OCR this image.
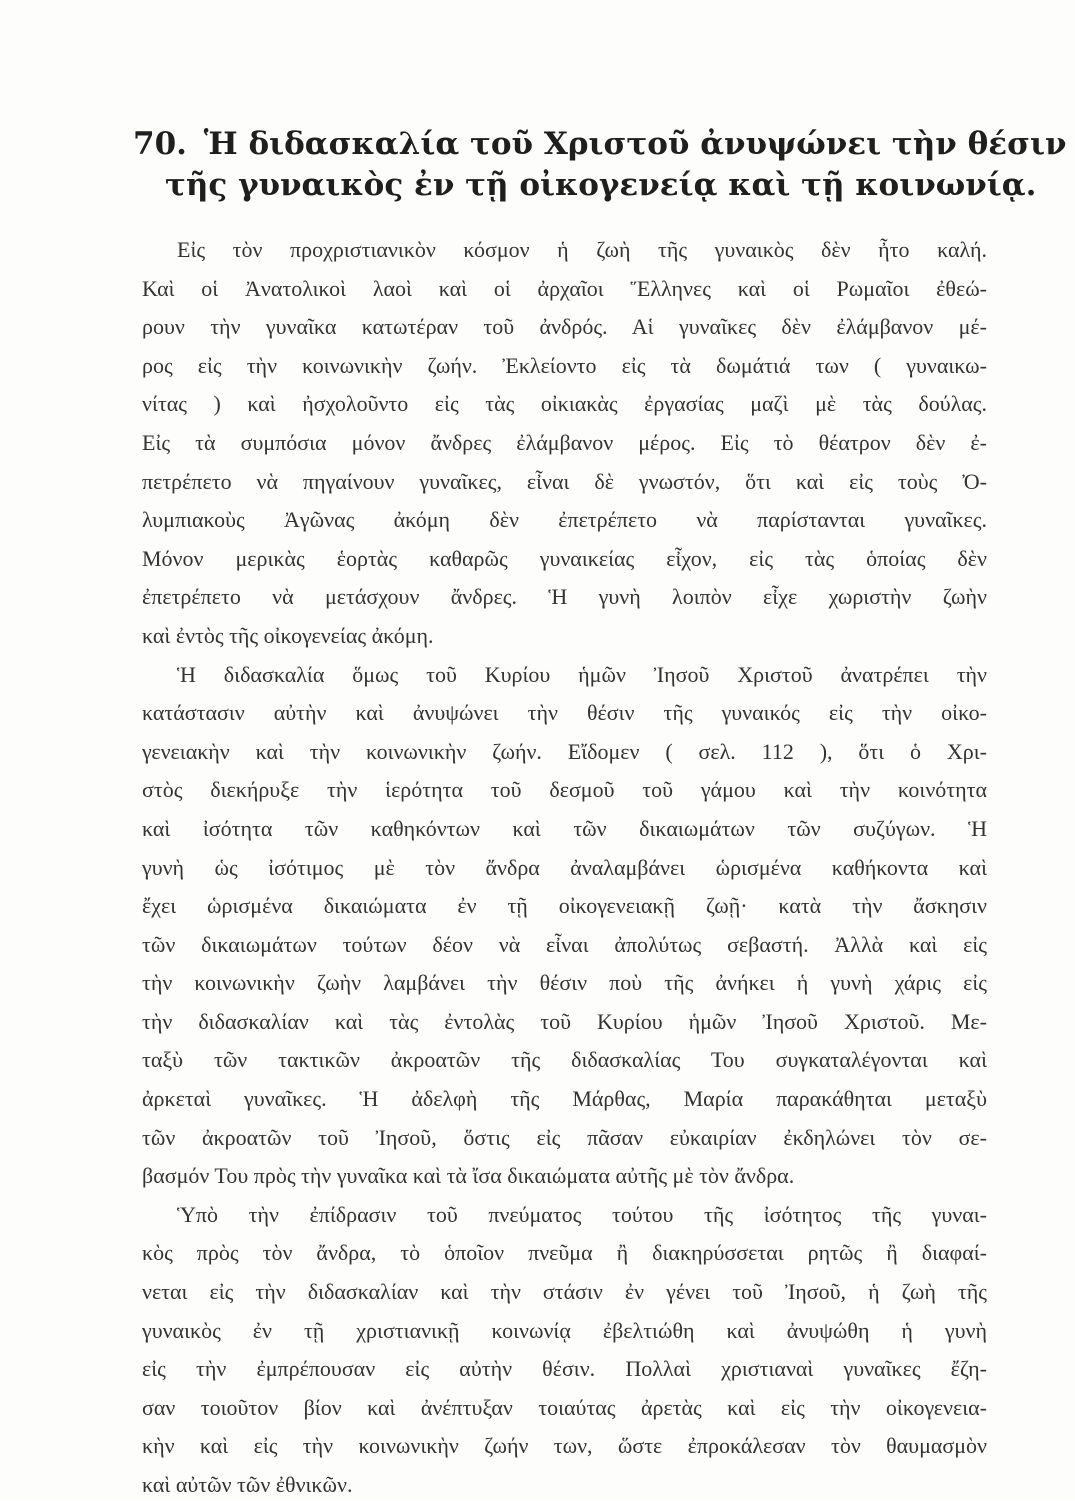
70. Ἡ διδασκαλία τοῦ Χριστοῦ ἀνυψώνει τὴν θέσιν
τῆς γυναικὸς ἐν τῇ οἰκογενείᾳ καὶ τῇ κοινωνίᾳ.
Εἰς τὸν προχριστιανικὸν κόσμον ἡ ζωὴ τῆς γυναικὸς δὲν ἦτο καλή.
Καὶ οἱ Ἀνατολικοὶ λαοὶ καὶ οἱ ἀρχαῖοι Ἕλληνες καὶ οἱ Ρωμαῖοι ἐθεώ-
ρουν τὴν γυναῖκα κατωτέραν τοῦ ἀνδρός. Αἱ γυναῖκες δὲν ἐλάμβανον μέ-
ρος εἰς τὴν κοινωνικὴν ζωήν. Ἐκλείοντο εἰς τὰ δωμάτιά των ( γυναικω-
νίτας ) καὶ ἠσχολοῦντο εἰς τὰς οἰκιακὰς ἐργασίας μαζὶ μὲ τὰς δούλας.
Εἰς τὰ συμπόσια μόνον ἄνδρες ἐλάμβανον μέρος. Εἰς τὸ θέατρον δὲν ἐ-
πετρέπετο νὰ πηγαίνουν γυναῖκες, εἶναι δὲ γνωστόν, ὅτι καὶ εἰς τοὺς Ὀ-
λυμπιακοὺς Ἀγῶνας ἀκόμη δὲν ἐπετρέπετο νὰ παρίστανται γυναῖκες.
Μόνον μερικὰς ἑορτὰς καθαρῶς γυναικείας εἶχον, εἰς τὰς ὁποίας δὲν
ἐπετρέπετο νὰ μετάσχουν ἄνδρες. Ἡ γυνὴ λοιπὸν εἶχε χωριστὴν ζωὴν
καὶ ἐντὸς τῆς οἰκογενείας ἀκόμη.
Ἡ διδασκαλία ὅμως τοῦ Κυρίου ἡμῶν Ἰησοῦ Χριστοῦ ἀνατρέπει τὴν
κατάστασιν αὐτὴν καὶ ἀνυψώνει τὴν θέσιν τῆς γυναικός εἰς τὴν οἰκο-
γενειακὴν καὶ τὴν κοινωνικὴν ζωήν. Εἴδομεν ( σελ. 112 ), ὅτι ὁ Χρι-
στὸς διεκήρυξε τὴν ἱερότητα τοῦ δεσμοῦ τοῦ γάμου καὶ τὴν κοινότητα
καὶ ἰσότητα τῶν καθηκόντων καὶ τῶν δικαιωμάτων τῶν συζύγων. Ἡ
γυνὴ ὡς ἰσότιμος μὲ τὸν ἄνδρα ἀναλαμβάνει ὡρισμένα καθήκοντα καὶ
ἔχει ὡρισμένα δικαιώματα ἐν τῇ οἰκογενειακῇ ζωῇ· κατὰ τὴν ἄσκησιν
τῶν δικαιωμάτων τούτων δέον νὰ εἶναι ἀπολύτως σεβαστή. Ἀλλὰ καὶ εἰς
τὴν κοινωνικὴν ζωὴν λαμβάνει τὴν θέσιν ποὺ τῆς ἀνήκει ἡ γυνὴ χάρις εἰς
τὴν διδασκαλίαν καὶ τὰς ἐντολὰς τοῦ Κυρίου ἡμῶν Ἰησοῦ Χριστοῦ. Με-
ταξὺ τῶν τακτικῶν ἀκροατῶν τῆς διδασκαλίας Του συγκαταλέγονται καὶ
ἀρκεταὶ γυναῖκες. Ἡ ἀδελφὴ τῆς Μάρθας, Μαρία παρακάθηται μεταξὺ
τῶν ἀκροατῶν τοῦ Ἰησοῦ, ὅστις εἰς πᾶσαν εὐκαιρίαν ἐκδηλώνει τὸν σε-
βασμόν Του πρὸς τὴν γυναῖκα καὶ τὰ ἴσα δικαιώματα αὐτῆς μὲ τὸν ἄνδρα.
Ὑπὸ τὴν ἐπίδρασιν τοῦ πνεύματος τούτου τῆς ἰσότητος τῆς γυναι-
κὸς πρὸς τὸν ἄνδρα, τὸ ὁποῖον πνεῦμα ἢ διακηρύσσεται ρητῶς ἢ διαφαί-
νεται εἰς τὴν διδασκαλίαν καὶ τὴν στάσιν ἐν γένει τοῦ Ἰησοῦ, ἡ ζωὴ τῆς
γυναικὸς ἐν τῇ χριστιανικῇ κοινωνίᾳ ἐβελτιώθη καὶ ἀνυψώθη ἡ γυνὴ
εἰς τὴν ἐμπρέπουσαν εἰς αὐτὴν θέσιν. Πολλαὶ χριστιαναὶ γυναῖκες ἔζη-
σαν τοιοῦτον βίον καὶ ἀνέπτυξαν τοιαύτας ἀρετὰς καὶ εἰς τὴν οἰκογενεια-
κὴν καὶ εἰς τὴν κοινωνικὴν ζωήν των, ὥστε ἐπροκάλεσαν τὸν θαυμασμὸν
καὶ αὐτῶν τῶν ἐθνικῶν.
